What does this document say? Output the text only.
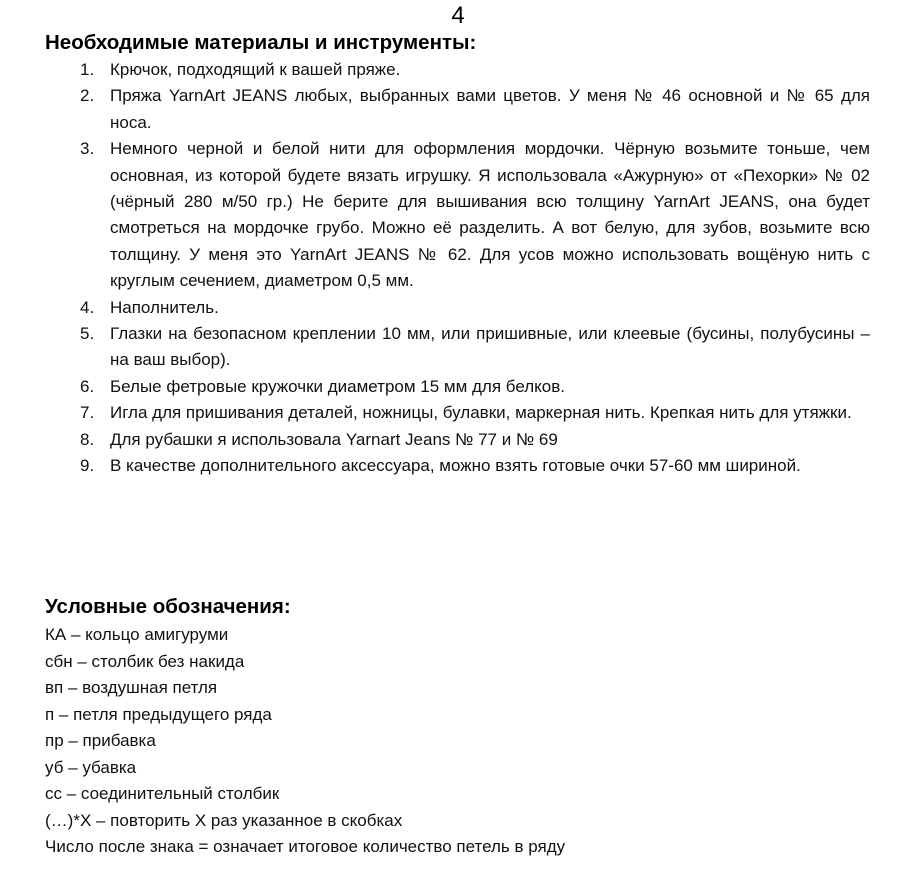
4
Необходимые материалы и инструменты:
1. Крючок, подходящий к вашей пряже.
2. Пряжа YarnArt JEANS любых, выбранных вами цветов. У меня № 46 основной и № 65 для носа.
3. Немного черной и белой нити для оформления мордочки. Чёрную возьмите тоньше, чем основная, из которой будете вязать игрушку. Я использовала «Ажурную» от «Пехорки» № 02 (чёрный 280 м/50 гр.) Не берите для вышивания всю толщину YarnArt JEANS, она будет смотреться на мордочке грубо. Можно её разделить. А вот белую, для зубов, возьмите всю толщину. У меня это YarnArt JEANS № 62. Для усов можно использовать вощёную нить с круглым сечением, диаметром 0,5 мм.
4. Наполнитель.
5. Глазки на безопасном креплении 10 мм, или пришивные, или клеевые (бусины, полубусины – на ваш выбор).
6. Белые фетровые кружочки диаметром 15 мм для белков.
7. Игла для пришивания деталей, ножницы, булавки, маркерная нить. Крепкая нить для утяжки.
8. Для рубашки я использовала Yarnart Jeans № 77 и № 69
9. В качестве дополнительного аксессуара, можно взять готовые очки 57-60 мм шириной.
Условные обозначения:
КА – кольцо амигуруми
сбн – столбик без накида
вп – воздушная петля
п – петля предыдущего ряда
пр – прибавка
уб – убавка
сс – соединительный столбик
(…)*Х – повторить Х раз указанное в скобках
Число после знака = означает итоговое количество петель в ряду
